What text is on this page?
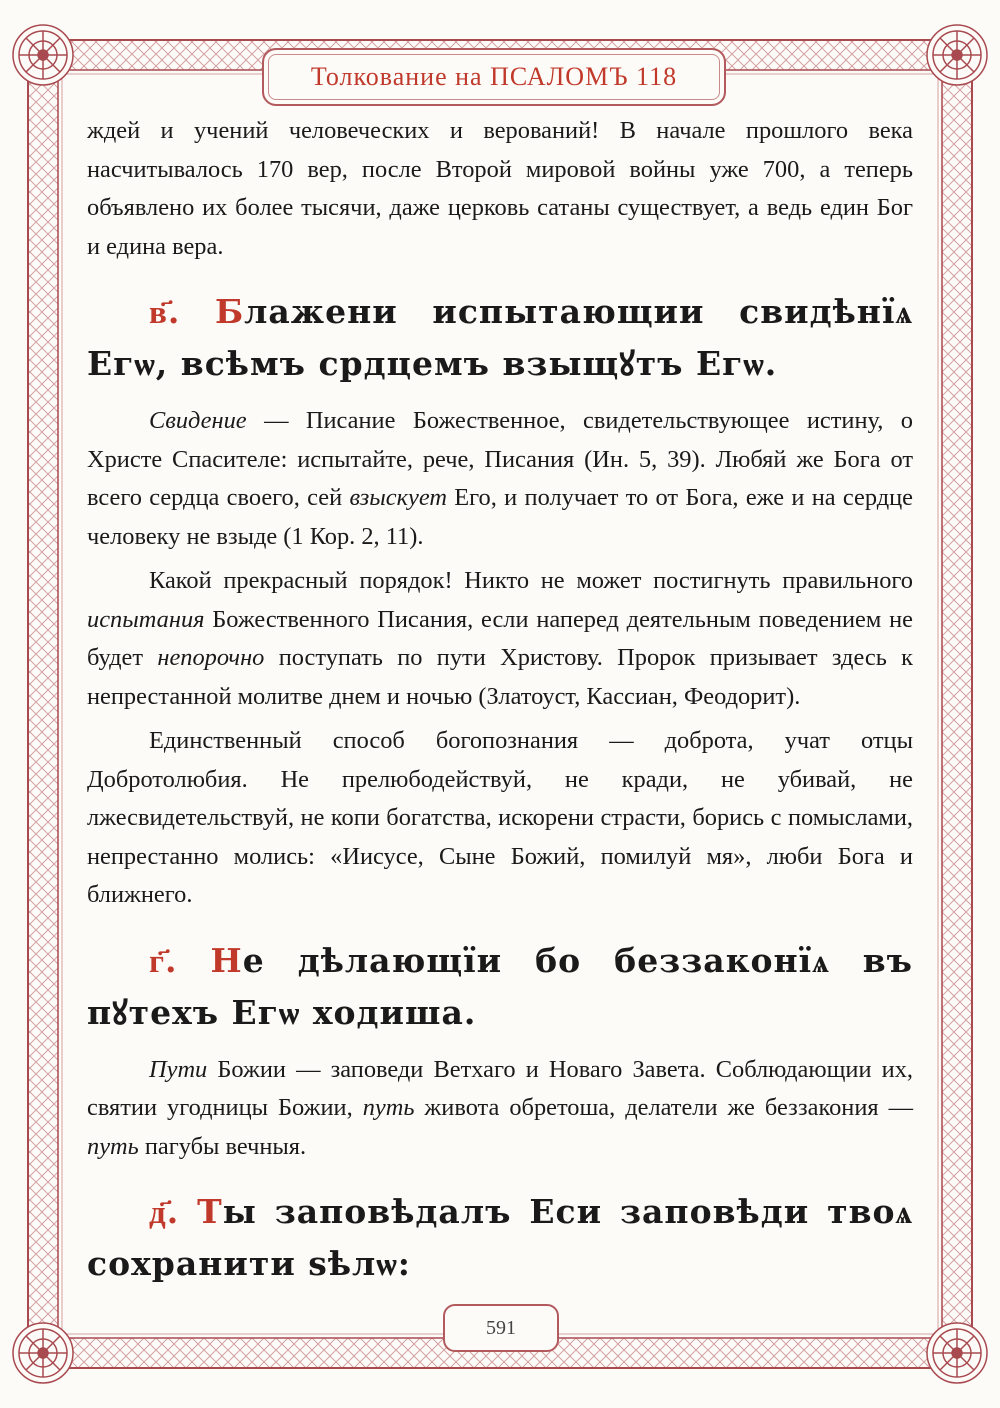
Толкование на ПСАЛОМЪ 118

ждей и учений человеческих и верований! В начале прошлого века насчитывалось 170 вер, после Второй мировой войны уже 700, а теперь объявлено их более тысячи, даже церковь сатаны существует, а ведь един Бог и едина вера.

в҃. Блажени испытающии свидѣнїѧ Егѡ, всѣмъ срдцемъ взыщꙋтъ Егѡ.

Свидение — Писание Божественное, свидетельствующее истину, о Христе Спасителе: испытайте, рече, Писания (Ин. 5, 39). Любяй же Бога от всего сердца своего, сей взыскует Его, и получает то от Бога, еже и на сердце человеку не взыде (1 Кор. 2, 11).

Какой прекрасный порядок! Никто не может постигнуть правильного испытания Божественного Писания, если наперед деятельным поведением не будет непорочно поступать по пути Христову. Пророк призывает здесь к непрестанной молитве днем и ночью (Златоуст, Кассиан, Феодорит).

Единственный способ богопознания — доброта, учат отцы Добротолюбия. Не прелюбодействуй, не кради, не убивай, не лжесвидетельствуй, не копи богатства, искорени страсти, борись с помыслами, непрестанно молись: «Иисусе, Сыне Божий, помилуй мя», люби Бога и ближнего.

г҃. Не дѣлающїи бо беззаконїѧ въ пꙋтехъ Егѡ ходиша.

Пути Божии — заповеди Ветхаго и Новаго Завета. Соблюдающии их, святии угодницы Божии, путь живота обретоша, делатели же беззакония — путь пагубы вечныя.

д҃. Ты заповѣдалъ Еси заповѣди твоѧ сохранити ѕѣлѡ:
591
